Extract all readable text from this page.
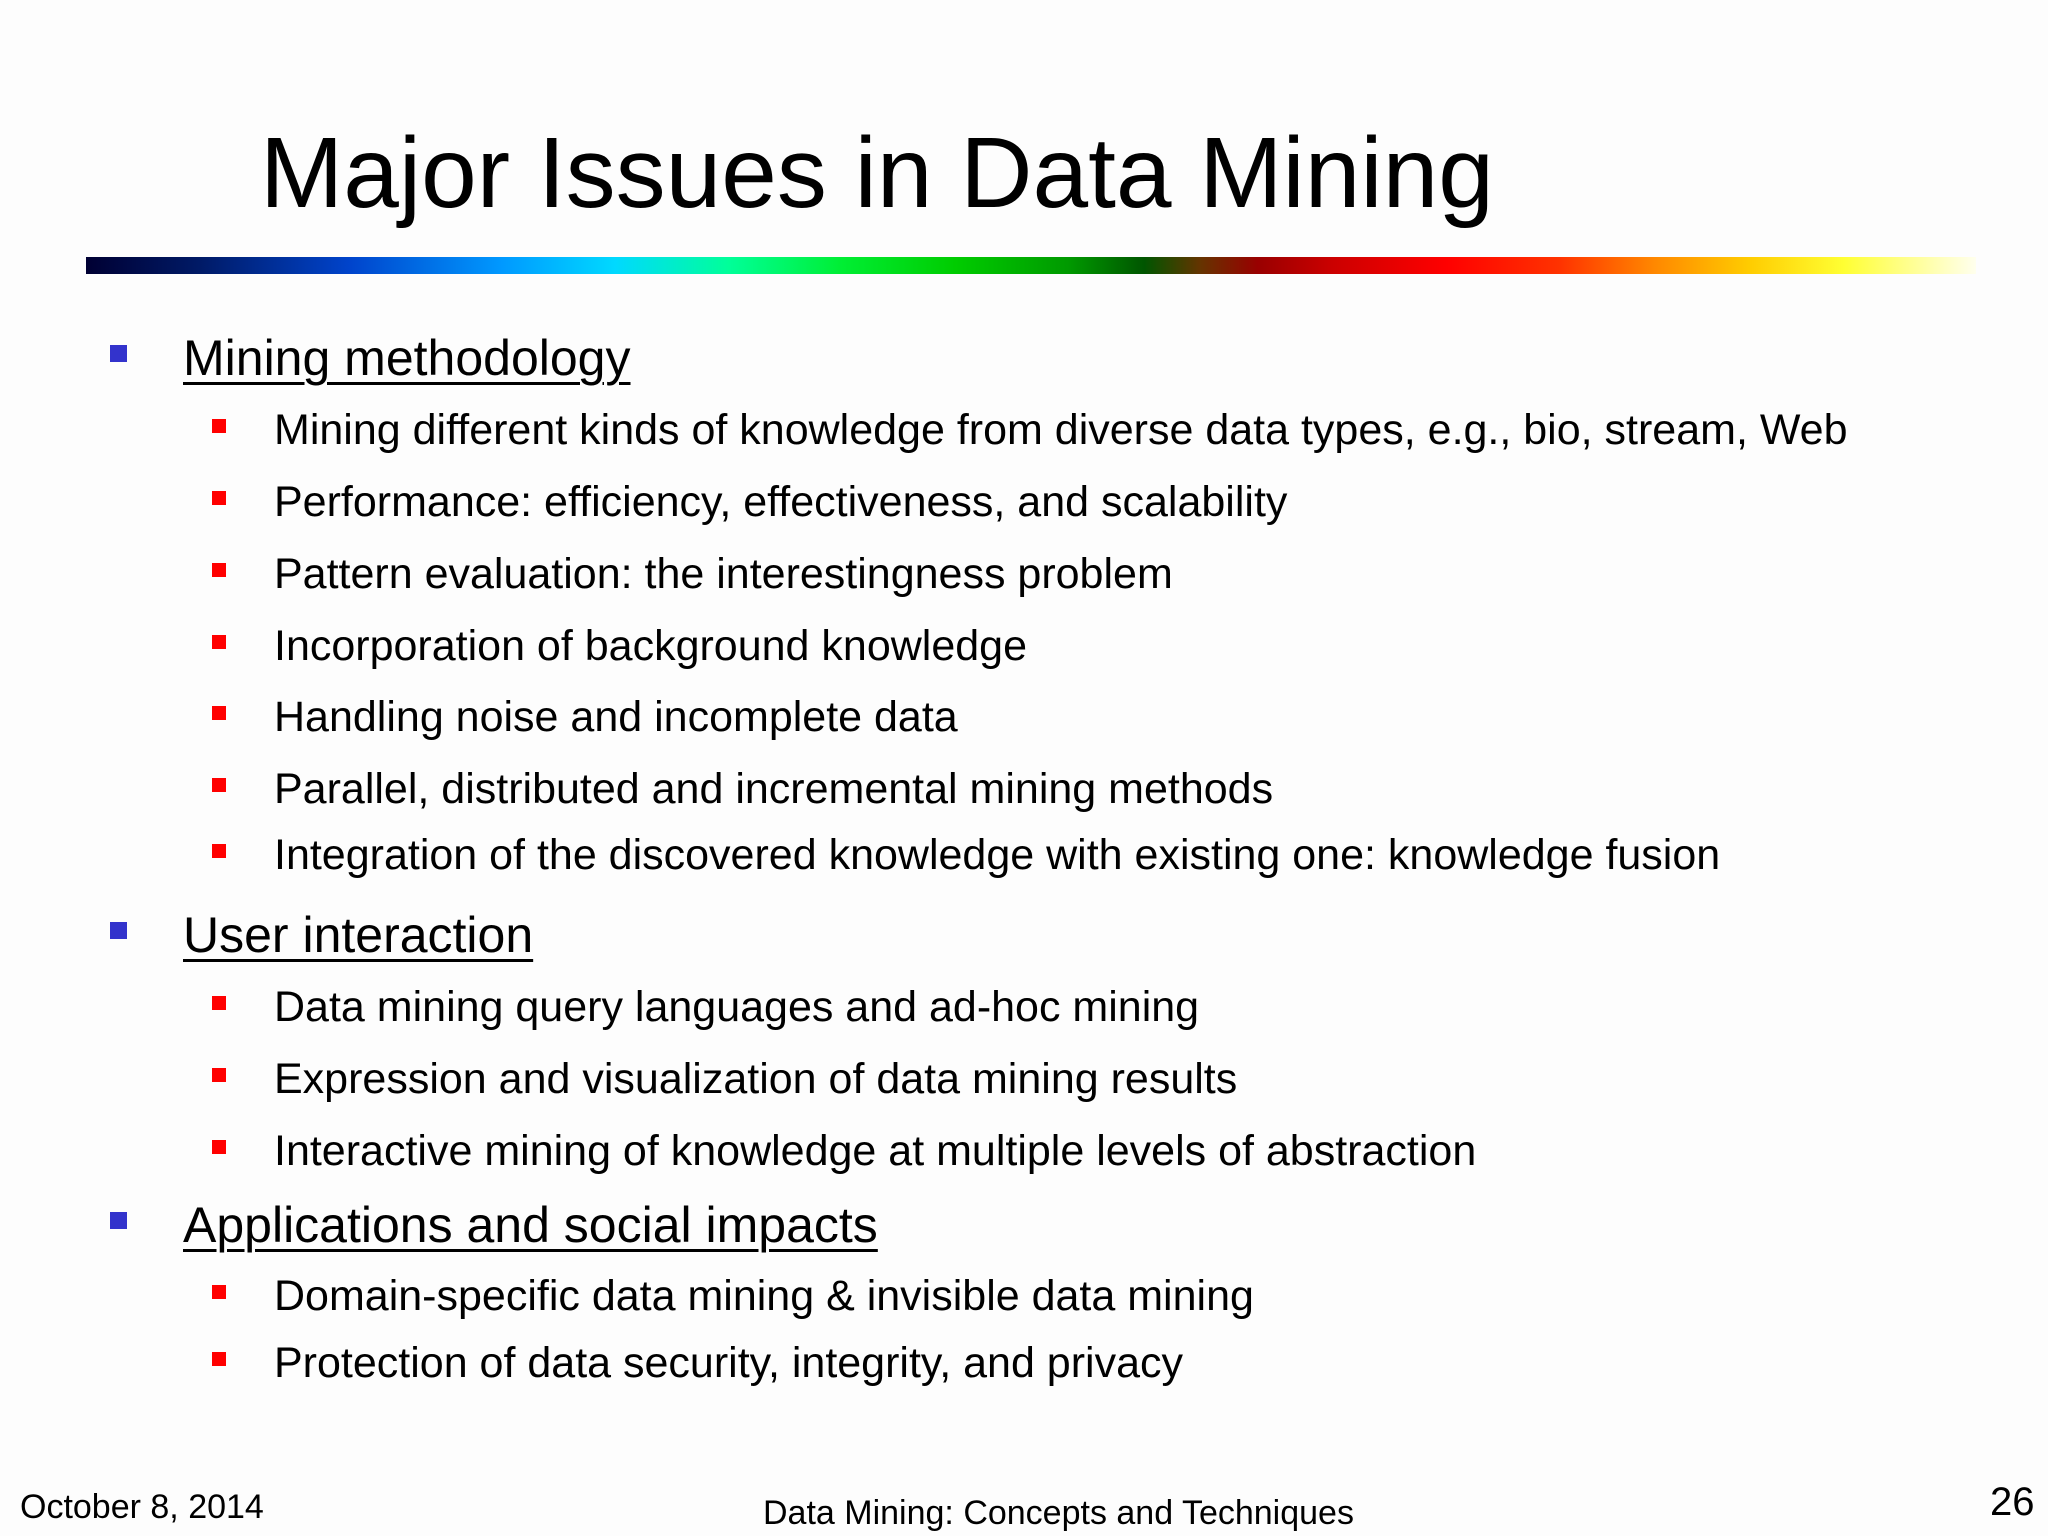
Major Issues in Data Mining
Mining methodology
Mining different kinds of knowledge from diverse data types, e.g., bio, stream, Web
Performance: efficiency, effectiveness, and scalability
Pattern evaluation: the interestingness problem
Incorporation of background knowledge
Handling noise and incomplete data
Parallel, distributed and incremental mining methods
Integration of the discovered knowledge with existing one: knowledge fusion
User interaction
Data mining query languages and ad-hoc mining
Expression and visualization of data mining results
Interactive mining of knowledge at multiple levels of abstraction
Applications and social impacts
Domain-specific data mining & invisible data mining
Protection of data security, integrity, and privacy
October 8, 2014	Data Mining: Concepts and Techniques	26
